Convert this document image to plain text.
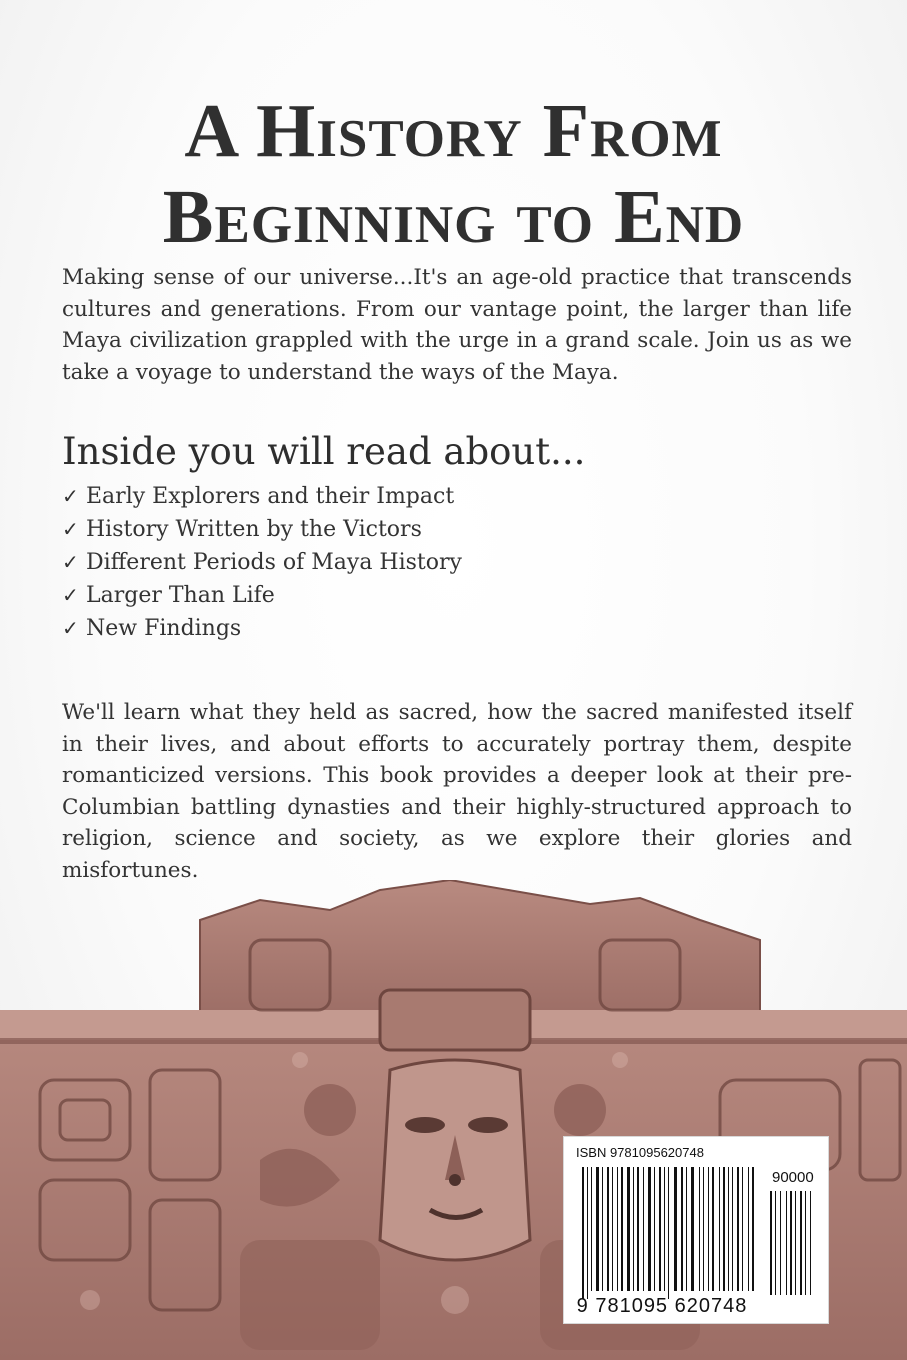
A History From
Beginning to End
Making sense of our universe...It's an age-old practice that transcends cultures and generations. From our vantage point, the larger than life Maya civilization grappled with the urge in a grand scale. Join us as we take a voyage to understand the ways of the Maya.
Inside you will read about...
✓ Early Explorers and their Impact
✓ History Written by the Victors
✓ Different Periods of Maya History
✓ Larger Than Life
✓ New Findings
We'll learn what they held as sacred, how the sacred manifested itself in their lives, and about efforts to accurately portray them, despite romanticized versions. This book provides a deeper look at their pre-Columbian battling dynasties and their highly-structured approach to religion, science and society, as we explore their glories and misfortunes.
ISBN 9781095620748
90000
9 781095 620748
